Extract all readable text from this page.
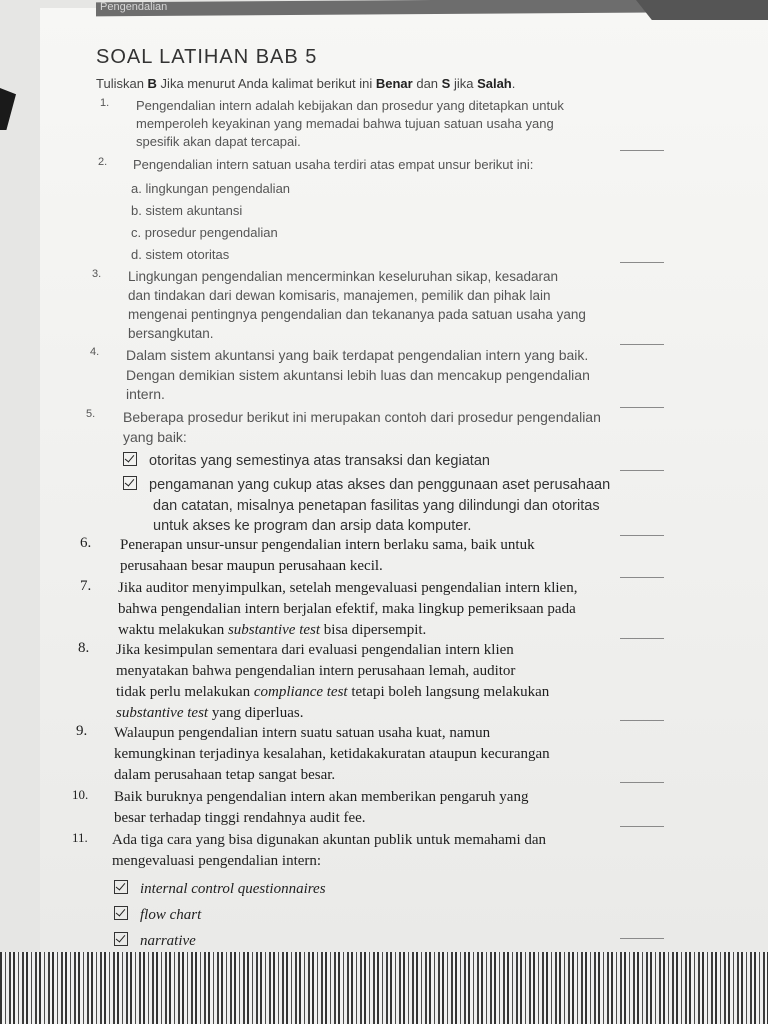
Pengendalian
SOAL LATIHAN BAB 5
Tuliskan B Jika menurut Anda kalimat berikut ini Benar dan S jika Salah.
1.	Pengendalian intern adalah kebijakan dan prosedur yang ditetapkan untuk
memperoleh keyakinan yang memadai bahwa tujuan satuan usaha yang
spesifik akan dapat tercapai.
2.	Pengendalian intern satuan usaha terdiri atas empat unsur berikut ini:
a. lingkungan pengendalian
b. sistem akuntansi
c. prosedur pengendalian
d. sistem otoritas
3.	Lingkungan pengendalian mencerminkan keseluruhan sikap, kesadaran
dan tindakan dari dewan komisaris, manajemen, pemilik dan pihak lain
mengenai pentingnya pengendalian dan tekananya pada satuan usaha yang
bersangkutan.
4.	Dalam sistem akuntansi yang baik terdapat pengendalian intern yang baik.
Dengan demikian sistem akuntansi lebih luas dan mencakup pengendalian
intern.
5.	Beberapa prosedur berikut ini merupakan contoh dari prosedur pengendalian
yang baik:
otoritas yang semestinya atas transaksi dan kegiatan
pengamanan yang cukup atas akses dan penggunaan aset perusahaan
dan catatan, misalnya penetapan fasilitas yang dilindungi dan otoritas
untuk akses ke program dan arsip data komputer.
6.	Penerapan unsur-unsur pengendalian intern berlaku sama, baik untuk
perusahaan besar maupun perusahaan kecil.
7.	Jika auditor menyimpulkan, setelah mengevaluasi pengendalian intern klien,
bahwa pengendalian intern berjalan efektif, maka lingkup pemeriksaan pada
waktu melakukan substantive test bisa dipersempit.
8.	Jika kesimpulan sementara dari evaluasi pengendalian intern klien
menyatakan bahwa pengendalian intern perusahaan lemah, auditor
tidak perlu melakukan compliance test tetapi boleh langsung melakukan
substantive test yang diperluas.
9.	Walaupun pengendalian intern suatu satuan usaha kuat, namun
kemungkinan terjadinya kesalahan, ketidakakuratan ataupun kecurangan
dalam perusahaan tetap sangat besar.
10.	Baik buruknya pengendalian intern akan memberikan pengaruh yang
besar terhadap tinggi rendahnya audit fee.
11.	Ada tiga cara yang bisa digunakan akuntan publik untuk memahami dan
mengevaluasi pengendalian intern:
internal control questionnaires
flow chart
narrative
